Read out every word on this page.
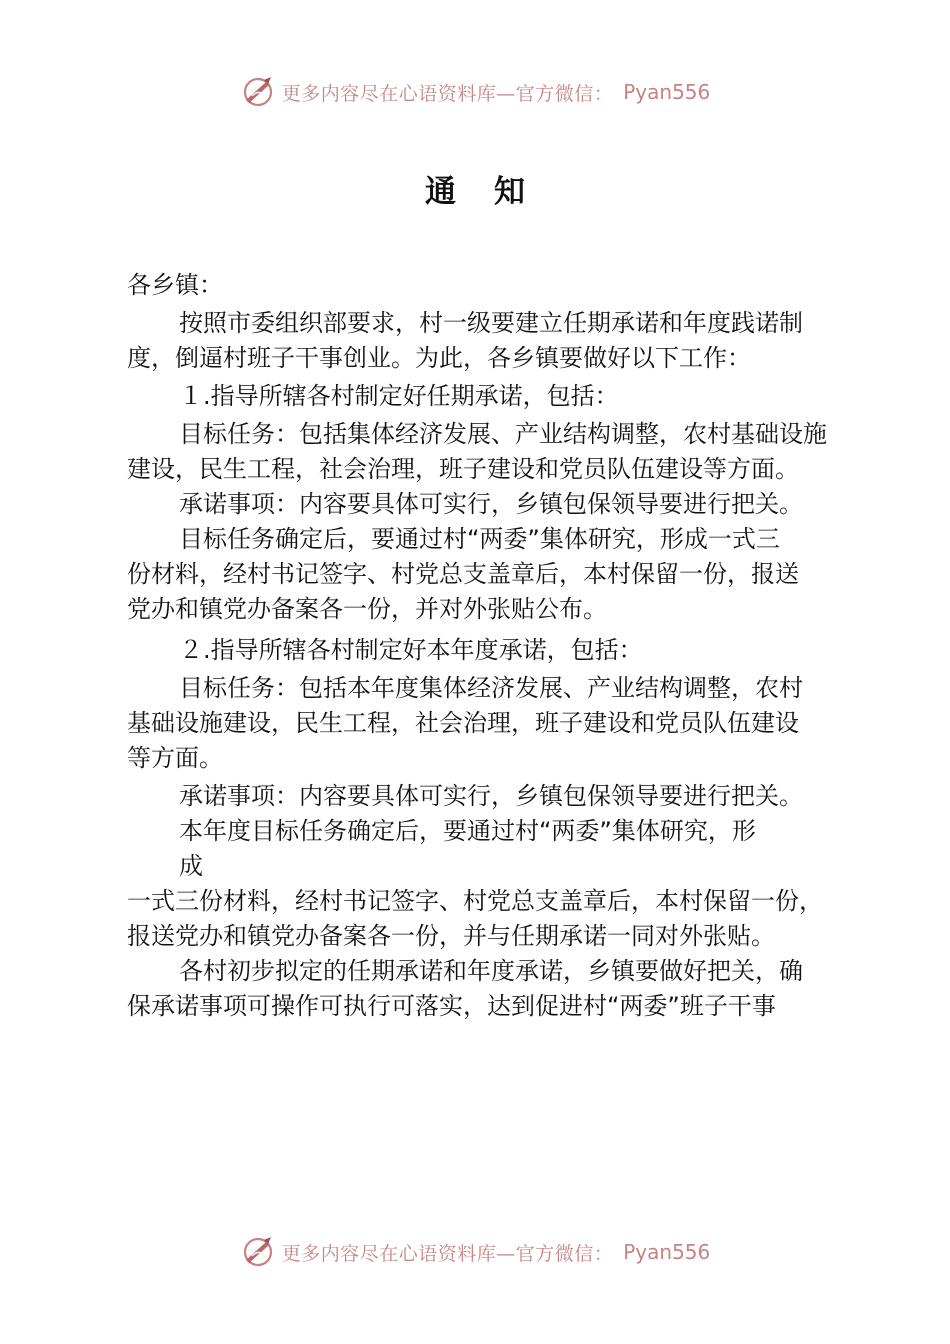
更多内容尽在心语资料库—官方微信： Pyan556
通知
各乡镇：
按照市委组织部要求，村一级要建立任期承诺和年度践诺制
度，倒逼村班子干事创业。为此，各乡镇要做好以下工作：
１.指导所辖各村制定好任期承诺，包括：
目标任务：包括集体经济发展、产业结构调整，农村基础设施
建设，民生工程，社会治理，班子建设和党员队伍建设等方面。
承诺事项：内容要具体可实行，乡镇包保领导要进行把关。
目标任务确定后，要通过村“两委”集体研究，形成一式三
份材料，经村书记签字、村党总支盖章后，本村保留一份，报送
党办和镇党办备案各一份，并对外张贴公布。
２.指导所辖各村制定好本年度承诺，包括：
目标任务：包括本年度集体经济发展、产业结构调整，农村
基础设施建设，民生工程，社会治理，班子建设和党员队伍建设
等方面。
承诺事项：内容要具体可实行，乡镇包保领导要进行把关。
本年度目标任务确定后，要通过村“两委”集体研究，形
成
一式三份材料，经村书记签字、村党总支盖章后，本村保留一份，
报送党办和镇党办备案各一份，并与任期承诺一同对外张贴。
各村初步拟定的任期承诺和年度承诺，乡镇要做好把关，确
保承诺事项可操作可执行可落实，达到促进村“两委”班子干事
更多内容尽在心语资料库—官方微信： Pyan556
